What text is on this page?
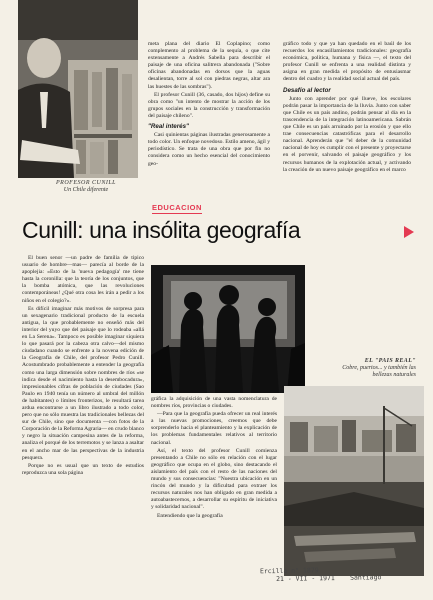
PROFESOR CUNILL
Un Chile diferente

meta plana del diario El Coplapino; como complemento al problema de la sequía, o que cite extensamente a Andrés Sabella para describir el paisaje de una oficina salitrera abandonada ("Sobre oficinas abandonadas en dorsos que la aguas desalientan, torre al sol con piedras negras, altar ara las huestes de las sombras").

El profesor Cunill (36, casado, dos hijos) define su obra como "un intento de mostrar la acción de los grupos sociales en la construcción y transformación del paisaje chileno".

"Real interés"

Casi quinientas páginas ilustradas generosamente a todo color. Un enfoque novedoso. Estilo ameno, ágil y periodístico. Se trata de una obra que por fin no considera como un hecho esencial del conocimiento geo-

gráfico todo y que ya han quedado en el baúl de los recuerdos los encasillamientos tradicionales: geografía económica, política, humana y física —, el texto del profesor Cunill se enfrenta a una realidad distinta y asigna en gran medida el propósito de entusiasmar dentro del cuadro y la realidad social actual del país.

Desafío al lector

Junto con aprender por qué llueve, los escolares podrán pasar la importancia de la lluvia. Junto con saber que Chile es un país andino, podrán pensar al día en la trascendencia de la integración latinoamericana. Sabrán que Chile es un país arruinado por la erosión y que ello trae consecuencias catastróficas para el desarrollo nacional. Aprenderán que "el deber de la comunidad nacional de hoy es cumplir con el presente y proyectarse en el porvenir, salvando el paisaje geográfico y los recursos humanos de la explotación actual, y activando la creación de un nuevo paisaje geográfico en el marco

EDUCACION
Cunill: una insólita geografía

El buen senor —un padre de familia de tipico usuario de hombre—mas— parecía al borde de la apoplejia: «Esto de la 'nueva pedagogía' me tiene hasta la coronilla: que la teoría de los conjuntos, que la bomba atómica, que las revoluciones contemporáneas! ¿Qué otra cosa les irán a pedir a los niños en el colegio?».

Es difícil imaginar más motivos de sorpresa para un sexagenario tradicional producto de la escuela antigua, la que probablemente no enseñó más del interior del yuyo que del paisaje que lo rodeaba «allá en La Serena». Tampoco es posible imaginar siquiera lo que pasará por la cabeza otra calvo—del mismo ciudadano cuando se enfrente a la novena edición de la Geografía de Chile, del profesor Pedro Cunill. Acostumbrado probablemente a entender la geografía como una larga dimensión sobre nombres de ríos «se indica desde el nacimiento hasta la desembocadura», impresionables cifras de población de ciudades (Sao Paulo en 1940 tenía un número al umbral del millón de habitantes) o límites fronterizos, le resultará tarea ardua encontrarse a un libro ilustrado a todo color, pero que no sólo muestra las tradicionales bellezas del sur de Chile, sino que documenta —con fotos de la Corporación de la Reforma Agraria— en crudo blanco y negro la situación campesina antes de la reforma, analiza el porqué de los terremotos y se lanza a asaltar en el ancho mar de las perspectivas de la industria pesquera.

Porque no es usual que un texto de estudios reproduzca una sola página

gráfica la adquisición de una vasta nomenclatura de nombres ríos, provincias o ciudades.

—Para que la geografía pueda ofrecer un real interés a las nuevas promociones, creemos que debe sorprenderlo hacia el planteamiento y la explicación de los problemas fundamentales relativos al territorio nacional.

Así, el texto del profesor Cunill comienza presentando a Chile no sólo en relación con el lugar geográfico que ocupa en el globo, sino destacando el aislamiento del país con el resto de las naciones del mundo y sus consecuencias: "Nuestra ubicación en un rincón del mundo y la dificultad para extraer los recursos naturales nos han obligado en gran medida a autoabastecernos, a desarrollar su espíritu de iniciativa y solidaridad nacional".

Entendiendo que la geografía

EL "PAIS REAL"
Cobre, puertos... y también las bellezas naturales
Ercilla n° 1879
21 - VII - 1971	Santiago
